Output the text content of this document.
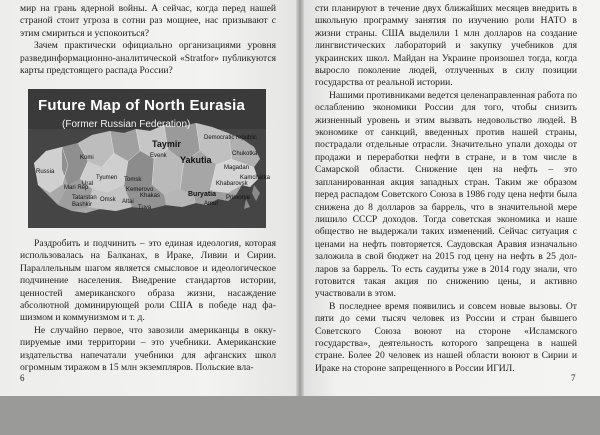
мир на грань ядерной войны. А сейчас, когда перед нашей страной стоит угроза в сотни раз мощнее, нас призывают с этим смириться и успокоиться?

Зачем практически официально организациями уровня развединформационно-аналитической «Stratfor» публикуются карты предстоящего распада России?

Future Map of North Eurasia
(Former Russian Federation)
Russia
Komi
Mari Rep
Tatarstan
Bashkir
Taymir
Evenk Yakutia
Democratic republic
Buryatia
Chukotka
Magadan
Kamchatka
Khabarovsk
Primorye
Amur
Tuva
Altai
Khakas
Tomsk
Omsk
Tyumen
Ural
Kemerovo

Раздробить и подчинить – это единая идеология, которая использовалась на Балканах, в Ираке, Ливии и Сирии. Параллельным шагом является смысловое и идеологическое подчинение населения. Внедрение стандартов истории, ценностей американского образа жизни, насаждение абсолютной доминирующей роли США в победе над фашизмом и коммунизмом и т. д.

Не случайно первое, что завозили американцы в оккупируемые ими территории – это учебники. Американские издательства напечатали учебники для афганских школ огромным тиражом в 15 млн экземпляров. Польские вла-

6

сти планируют в течение двух ближайших месяцев внедрить в школьную программу занятия по изучению роли НАТО в жизни страны. США выделили 1 млн долларов на создание лингвистических лабораторий и закупку учебников для украинских школ. Майдан на Украине произошел тогда, когда выросло поколение людей, отлученных в силу позиции государства от реальной истории.

Нашими противниками ведется целенаправленная работа по ослаблению экономики России для того, чтобы снизить жизненный уровень и этим вызвать недовольство людей. В экономике от санкций, введенных против нашей страны, пострадали отдельные отрасли. Значительно упали доходы от продажи и переработки нефти в стране, и в том числе в Самарской области. Снижение цен на нефть – это запланированная акция западных стран. Таким же образом перед распадом Советского Союза в 1986 году цена нефти была снижена до 8 долларов за баррель, что в значительной мере лишило СССР доходов. Тогда советская экономика и наше общество не выдержали таких изменений. Сейчас ситуация с ценами на нефть повторяется. Саудовская Аравия изначально заложила в свой бюджет на 2015 год цену на нефть в 25 долларов за баррель. То есть саудиты уже в 2014 году знали, что готовится такая акция по снижению цены, и активно участвовали в этом.

В последнее время появились и совсем новые вызовы. От пяти до семи тысяч человек из России и стран бывшего Советского Союза воюют на стороне «Исламского государства», деятельность которого запрещена в нашей стране. Более 20 человек из нашей области воюют в Сирии и Ираке на стороне запрещенного в России ИГИЛ.

7
